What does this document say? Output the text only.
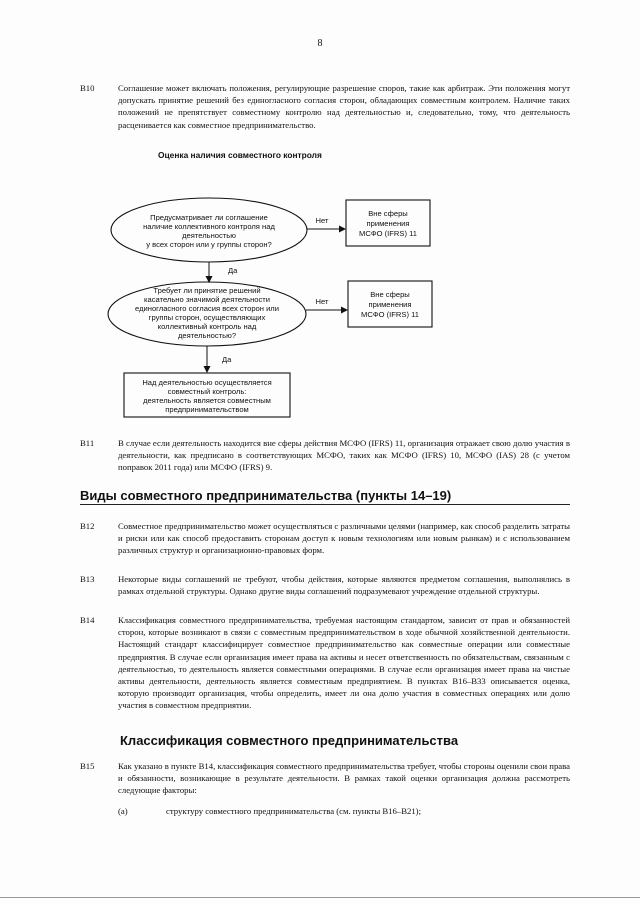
8
B10	Соглашение может включать положения, регулирующие разрешение споров, такие как арбитраж. Эти положения могут допускать принятие решений без единогласного согласия сторон, обладающих совместным контролем. Наличие таких положений не препятствует совместному контролю над деятельностью и, следовательно, тому, что деятельность расценивается как совместное предпринимательство.
Оценка наличия совместного контроля
Предусматривает ли соглашение
наличие коллективного контроля над
деятельностью
у всех сторон или у группы сторон?
Вне сферы
применения
МСФО (IFRS) 11
Нет
Да
Требует ли принятие решений
касательно значимой деятельности
единогласного согласия всех сторон или
группы сторон, осуществляющих
коллективный контроль над
деятельностью?
Вне сферы
применения
МСФО (IFRS) 11
Нет
Да
Над деятельностью осуществляется
совместный контроль:
деятельность является совместным
предпринимательством
B11	В случае если деятельность находится вне сферы действия МСФО (IFRS) 11, организация отражает свою долю участия в деятельности, как предписано в соответствующих МСФО, таких как МСФО (IFRS) 10, МСФО (IAS) 28 (с учетом поправок 2011 года) или МСФО (IFRS) 9.
Виды совместного предпринимательства (пункты 14–19)
B12	Совместное предпринимательство может осуществляться с различными целями (например, как способ разделить затраты и риски или как способ предоставить сторонам доступ к новым технологиям или новым рынкам) и с использованием различных структур и организационно-правовых форм.
B13	Некоторые виды соглашений не требуют, чтобы действия, которые являются предметом соглашения, выполнялись в рамках отдельной структуры. Однако другие виды соглашений подразумевают учреждение отдельной структуры.
B14	Классификация совместного предпринимательства, требуемая настоящим стандартом, зависит от прав и обязанностей сторон, которые возникают в связи с совместным предпринимательством в ходе обычной хозяйственной деятельности. Настоящий стандарт классифицирует совместное предпринимательство как совместные операции или совместные предприятия. В случае если организация имеет права на активы и несет ответственность по обязательствам, связанным с деятельностью, то деятельность является совместными операциями. В случае если организация имеет права на чистые активы деятельности, деятельность является совместным предприятием. В пунктах B16–B33 описывается оценка, которую производит организация, чтобы определить, имеет ли она долю участия в совместных операциях или долю участия в совместном предприятии.
Классификация совместного предпринимательства
B15	Как указано в пункте B14, классификация совместного предпринимательства требует, чтобы стороны оценили свои права и обязанности, возникающие в результате деятельности. В рамках такой оценки организация должна рассмотреть следующие факторы:
(a)	структуру совместного предпринимательства (см. пункты B16–B21);
